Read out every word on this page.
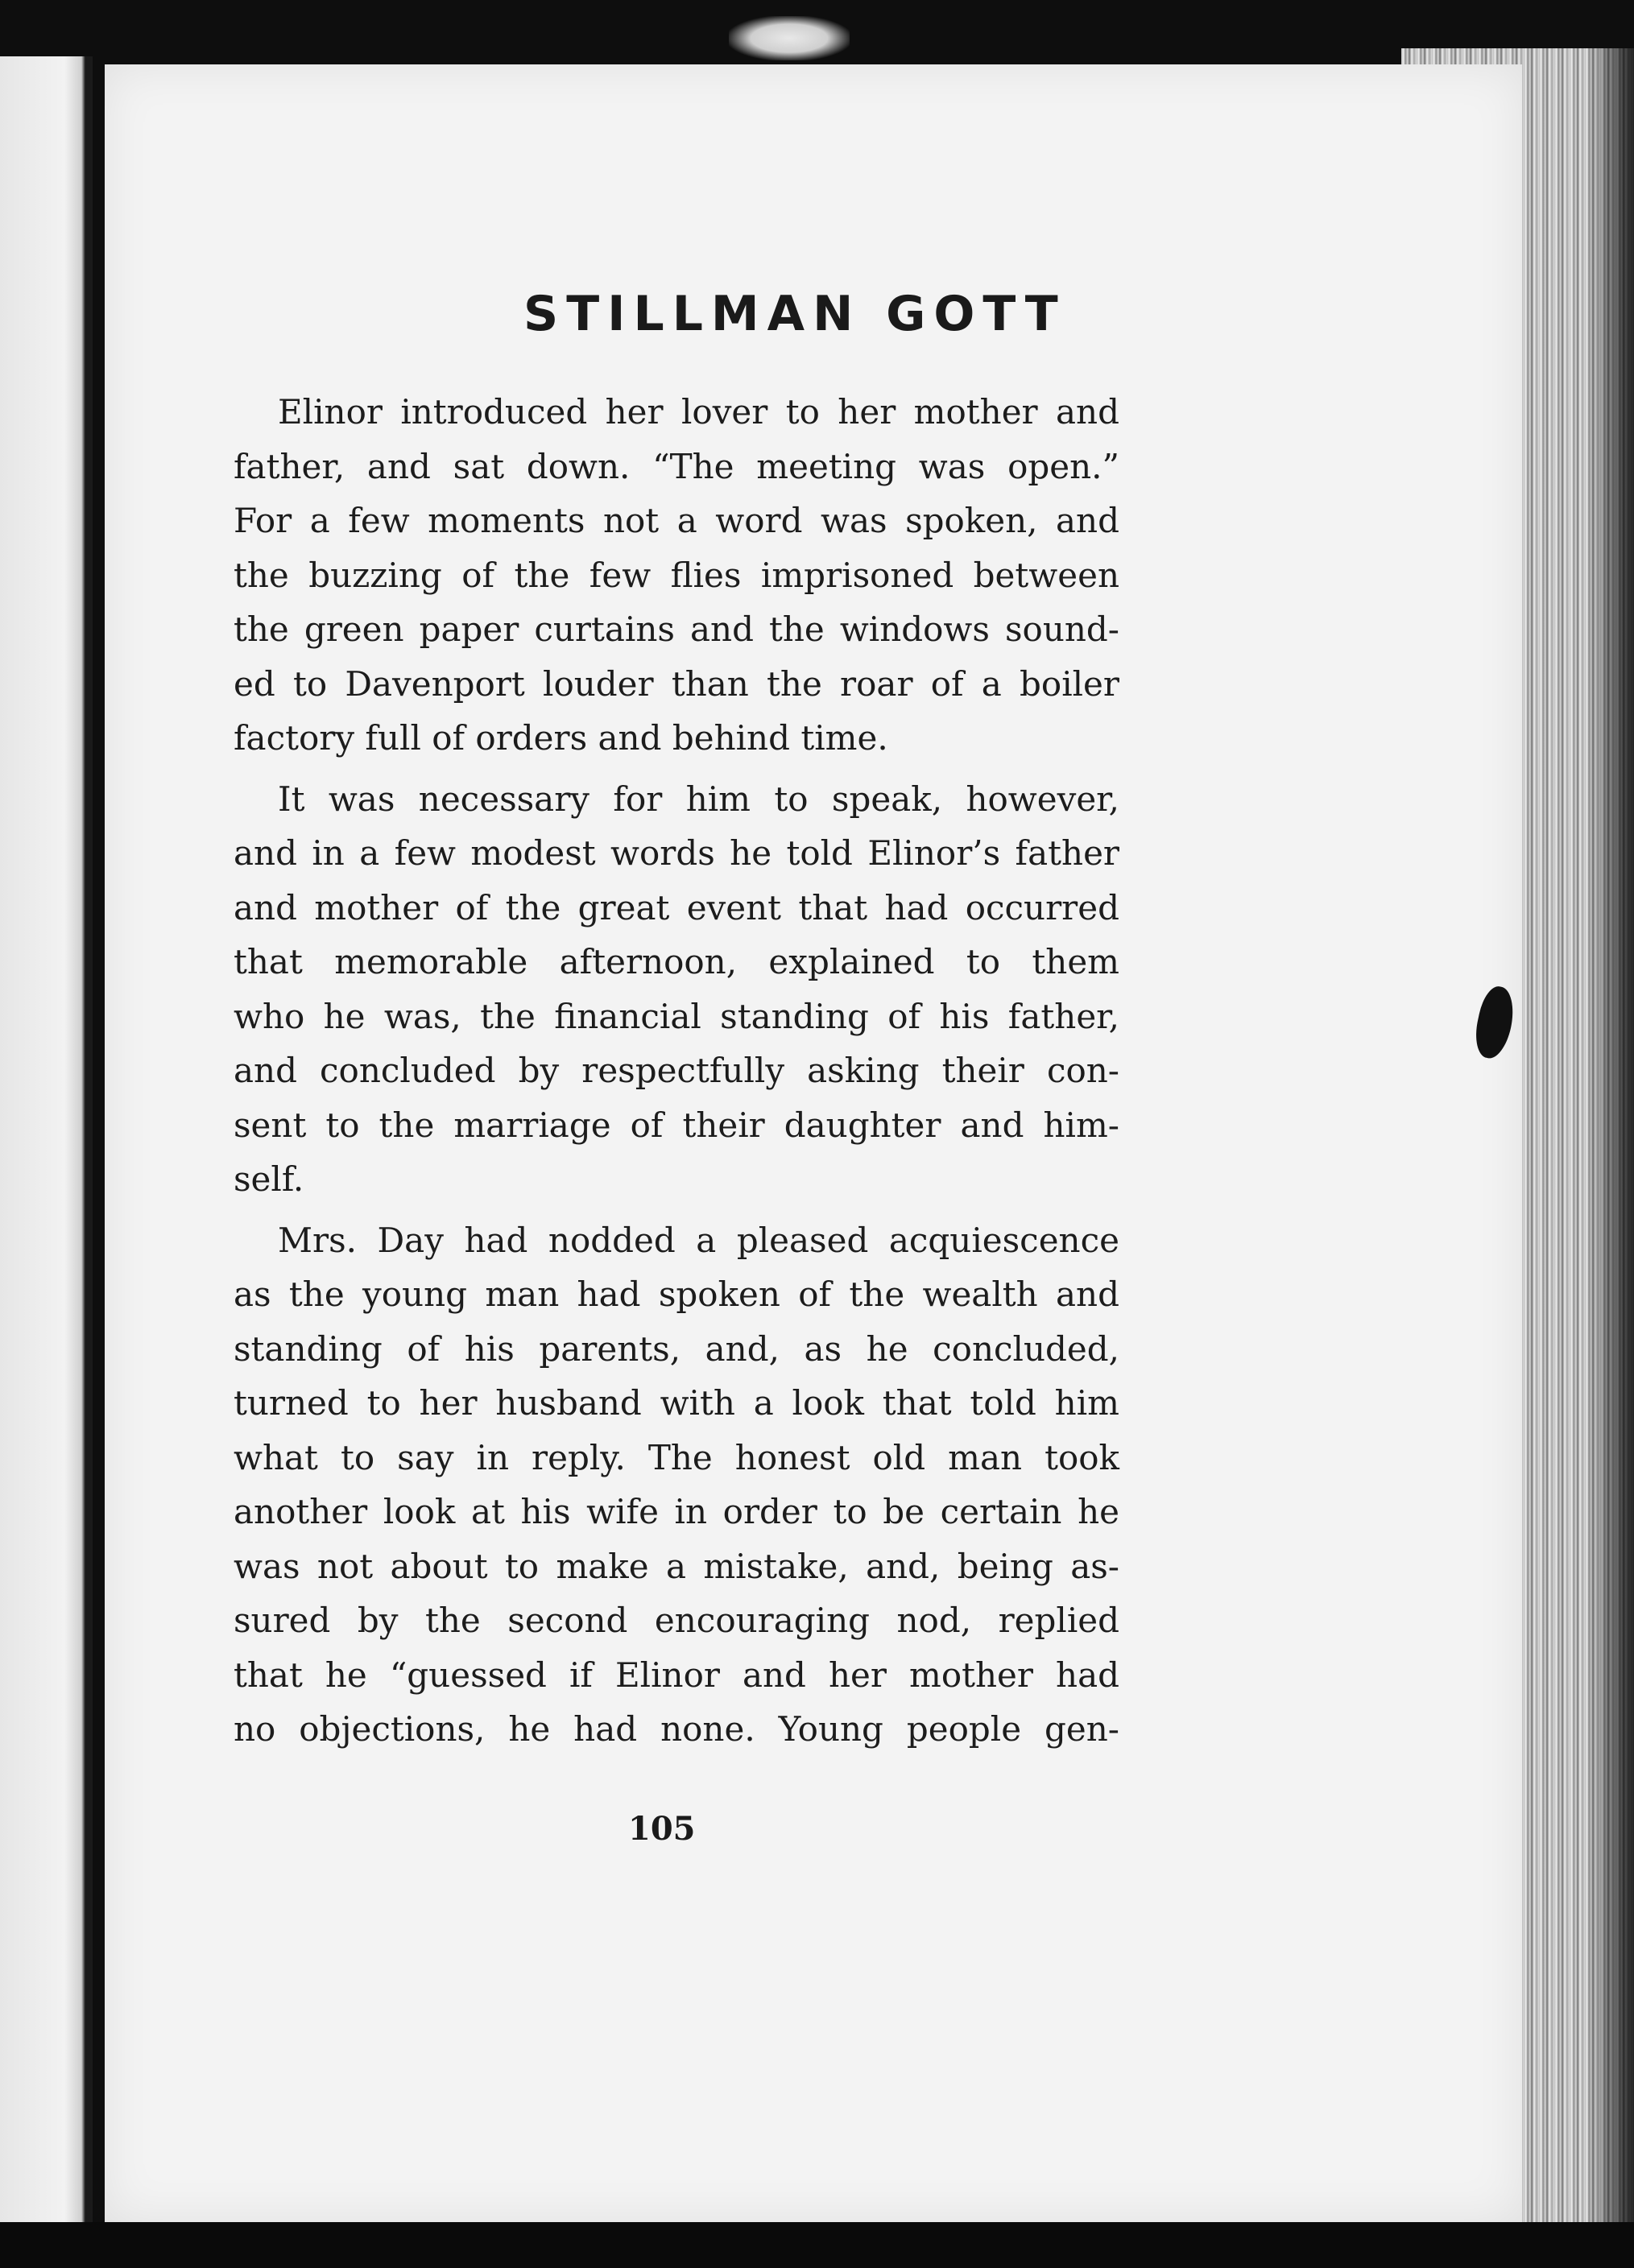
STILLMAN GOTT

Elinor introduced her lover to her mother and
father, and sat down. “The meeting was open.”
For a few moments not a word was spoken, and
the buzzing of the few flies imprisoned between
the green paper curtains and the windows sound-
ed to Davenport louder than the roar of a boiler
factory full of orders and behind time.

It was necessary for him to speak, however,
and in a few modest words he told Elinor’s father
and mother of the great event that had occurred
that memorable afternoon, explained to them
who he was, the financial standing of his father,
and concluded by respectfully asking their con-
sent to the marriage of their daughter and him-
self.

Mrs. Day had nodded a pleased acquiescence
as the young man had spoken of the wealth and
standing of his parents, and, as he concluded,
turned to her husband with a look that told him
what to say in reply. The honest old man took
another look at his wife in order to be certain he
was not about to make a mistake, and, being as-
sured by the second encouraging nod, replied
that he “guessed if Elinor and her mother had
no objections, he had none. Young people gen-

105
